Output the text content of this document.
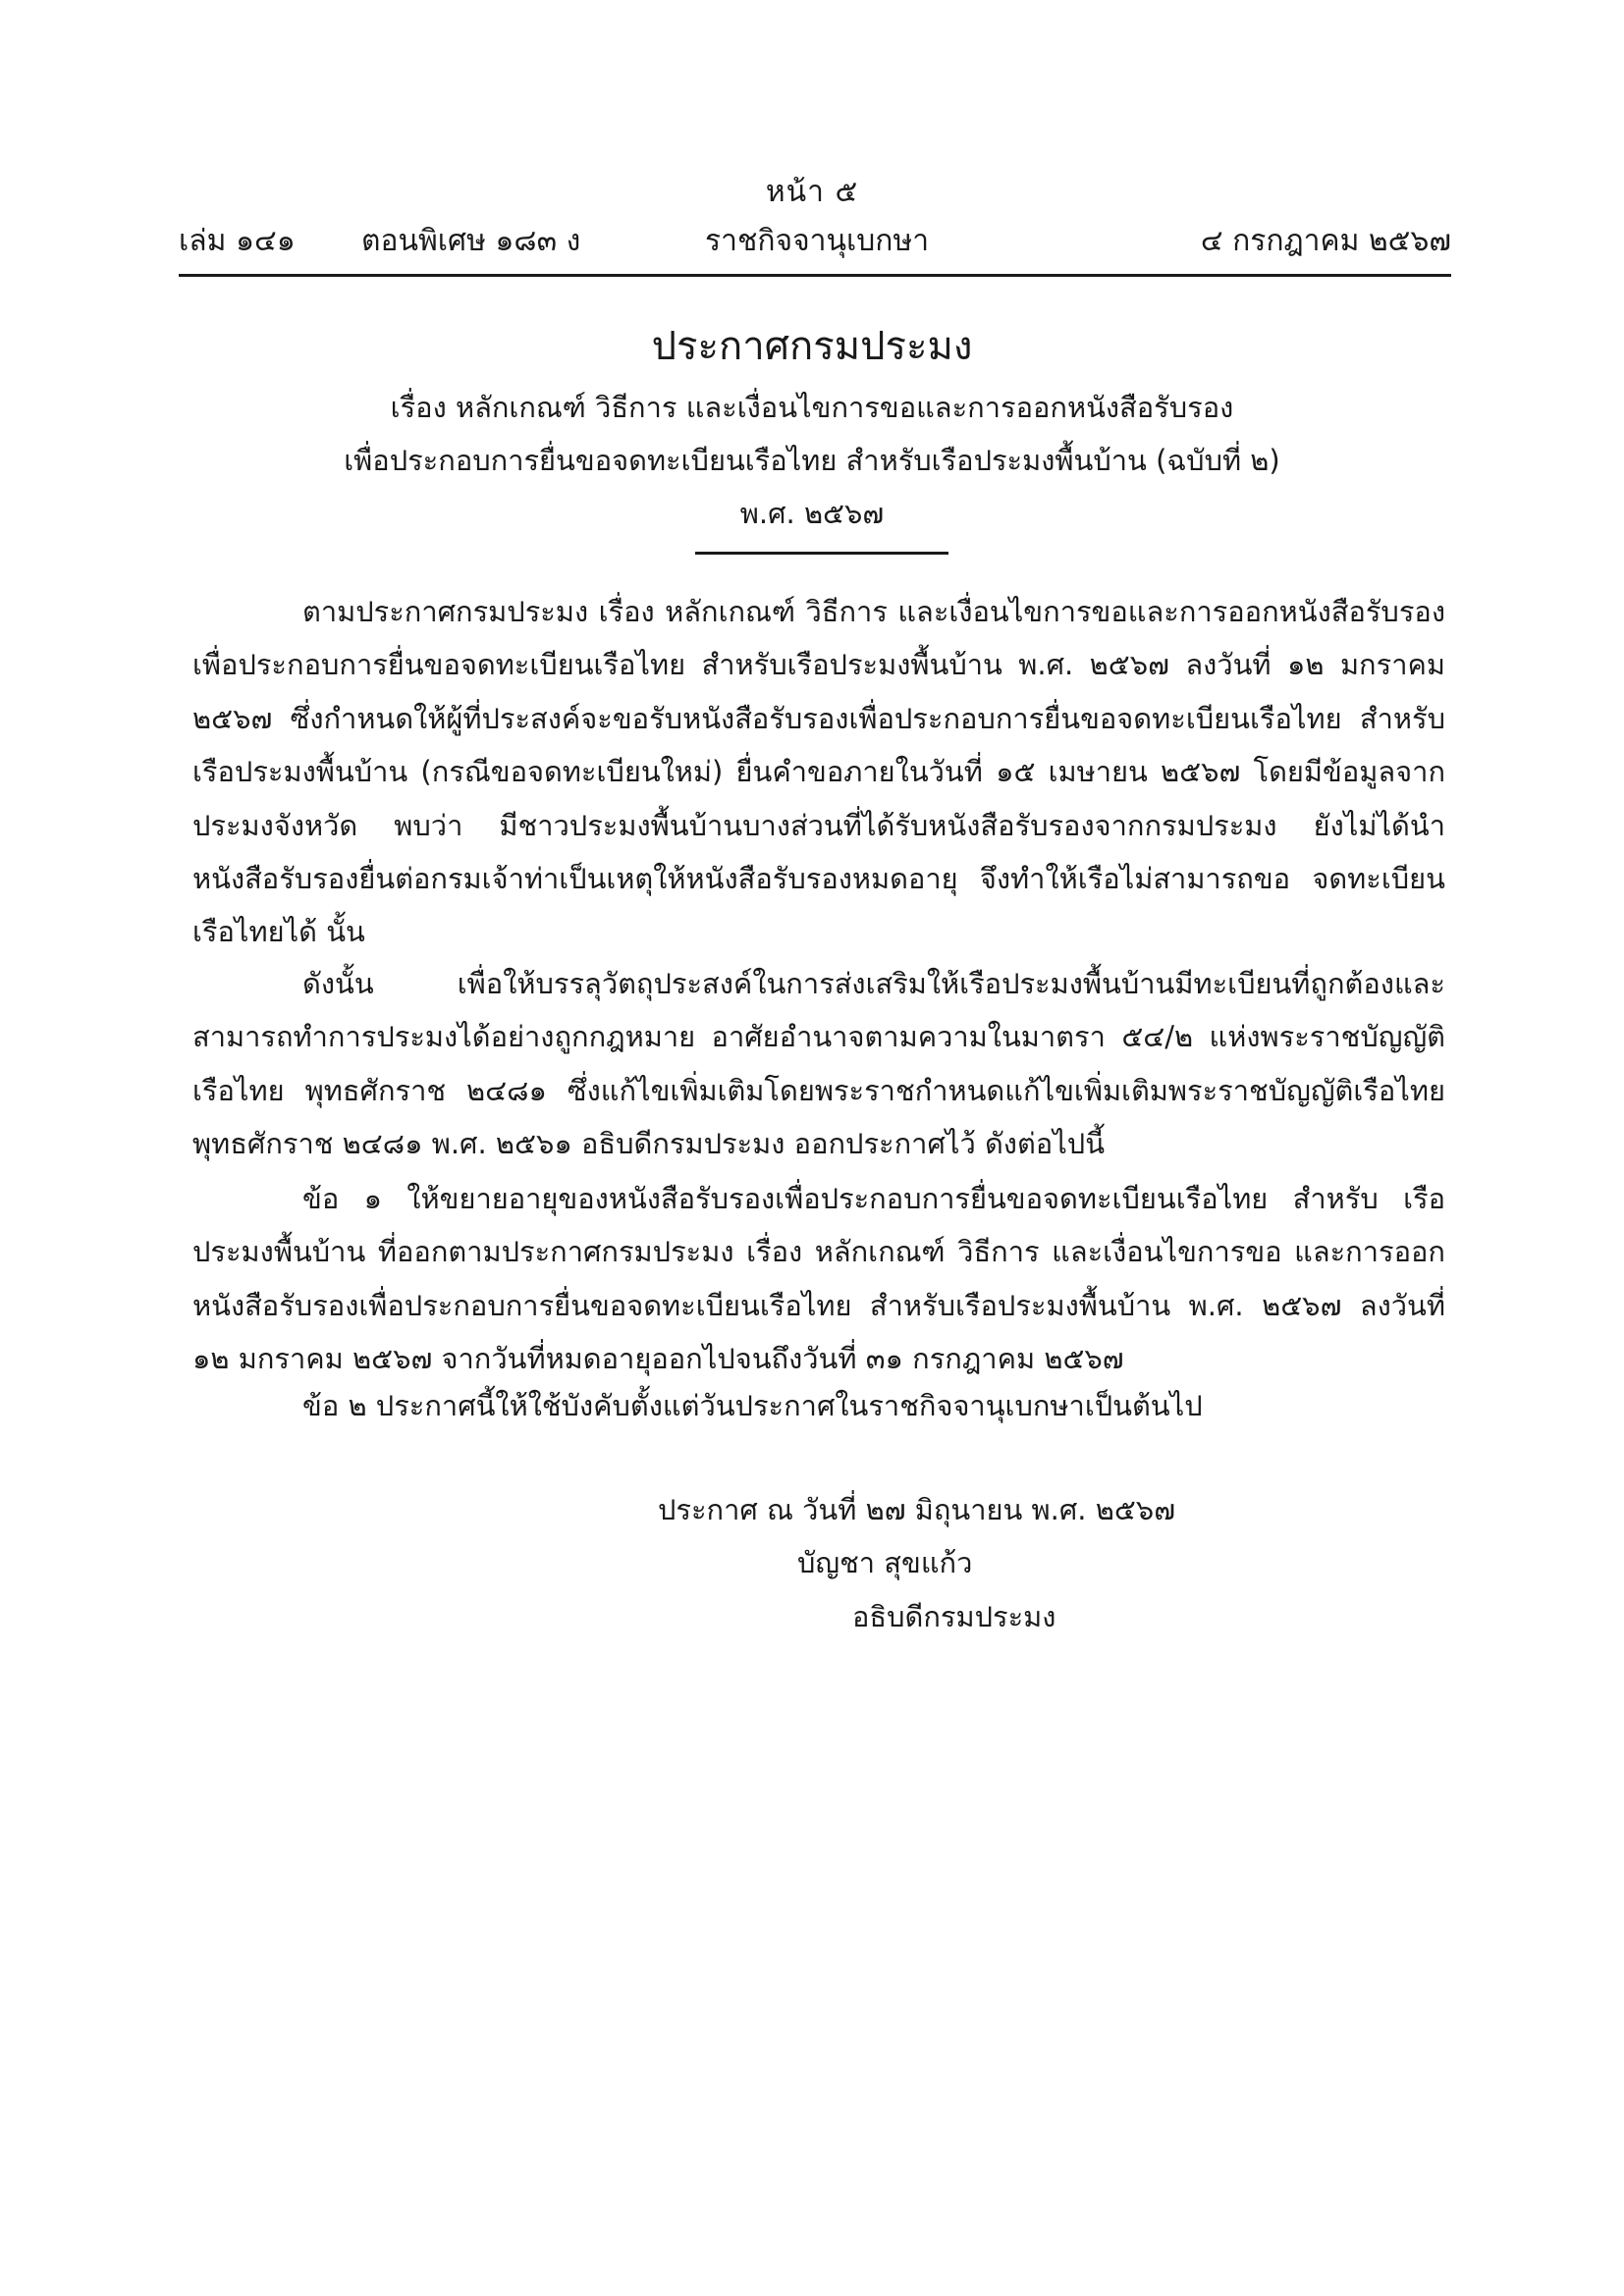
หน้า ๕
เล่ม ๑๔๑ ตอนพิเศษ ๑๘๓ ง	ราชกิจจานุเบกษา	๔ กรกฎาคม ๒๕๖๗
ประกาศกรมประมง
เรื่อง หลักเกณฑ์ วิธีการ และเงื่อนไขการขอและการออกหนังสือรับรอง
เพื่อประกอบการยื่นขอจดทะเบียนเรือไทย สำหรับเรือประมงพื้นบ้าน (ฉบับที่ ๒)
พ.ศ. ๒๕๖๗

ตามประกาศกรมประมง เรื่อง หลักเกณฑ์ วิธีการ และเงื่อนไขการขอและการออกหนังสือรับรอง เพื่อประกอบการยื่นขอจดทะเบียนเรือไทย สำหรับเรือประมงพื้นบ้าน พ.ศ. ๒๕๖๗ ลงวันที่ ๑๒ มกราคม ๒๕๖๗ ซึ่งกำหนดให้ผู้ที่ประสงค์จะขอรับหนังสือรับรองเพื่อประกอบการยื่นขอจดทะเบียนเรือไทย สำหรับเรือประมงพื้นบ้าน (กรณีขอจดทะเบียนใหม่) ยื่นคำขอภายในวันที่ ๑๕ เมษายน ๒๕๖๗ โดยมีข้อมูลจากประมงจังหวัด พบว่า มีชาวประมงพื้นบ้านบางส่วนที่ได้รับหนังสือรับรองจากกรมประมง ยังไม่ได้นำหนังสือรับรองยื่นต่อกรมเจ้าท่าเป็นเหตุให้หนังสือรับรองหมดอายุ จึงทำให้เรือไม่สามารถขอ จดทะเบียนเรือไทยได้ นั้น

ดังนั้น เพื่อให้บรรลุวัตถุประสงค์ในการส่งเสริมให้เรือประมงพื้นบ้านมีทะเบียนที่ถูกต้องและ สามารถทำการประมงได้อย่างถูกกฎหมาย อาศัยอำนาจตามความในมาตรา ๕๔/๒ แห่งพระราชบัญญัติ เรือไทย พุทธศักราช ๒๔๘๑ ซึ่งแก้ไขเพิ่มเติมโดยพระราชกำหนดแก้ไขเพิ่มเติมพระราชบัญญัติเรือไทย พุทธศักราช ๒๔๘๑ พ.ศ. ๒๕๖๑ อธิบดีกรมประมง ออกประกาศไว้ ดังต่อไปนี้

ข้อ ๑ ให้ขยายอายุของหนังสือรับรองเพื่อประกอบการยื่นขอจดทะเบียนเรือไทย สำหรับ เรือประมงพื้นบ้าน ที่ออกตามประกาศกรมประมง เรื่อง หลักเกณฑ์ วิธีการ และเงื่อนไขการขอ และการออกหนังสือรับรองเพื่อประกอบการยื่นขอจดทะเบียนเรือไทย สำหรับเรือประมงพื้นบ้าน พ.ศ. ๒๕๖๗ ลงวันที่ ๑๒ มกราคม ๒๕๖๗ จากวันที่หมดอายุออกไปจนถึงวันที่ ๓๑ กรกฎาคม ๒๕๖๗

ข้อ ๒ ประกาศนี้ให้ใช้บังคับตั้งแต่วันประกาศในราชกิจจานุเบกษาเป็นต้นไป

ประกาศ ณ วันที่ ๒๗ มิถุนายน พ.ศ. ๒๕๖๗
บัญชา สุขแก้ว
อธิบดีกรมประมง
